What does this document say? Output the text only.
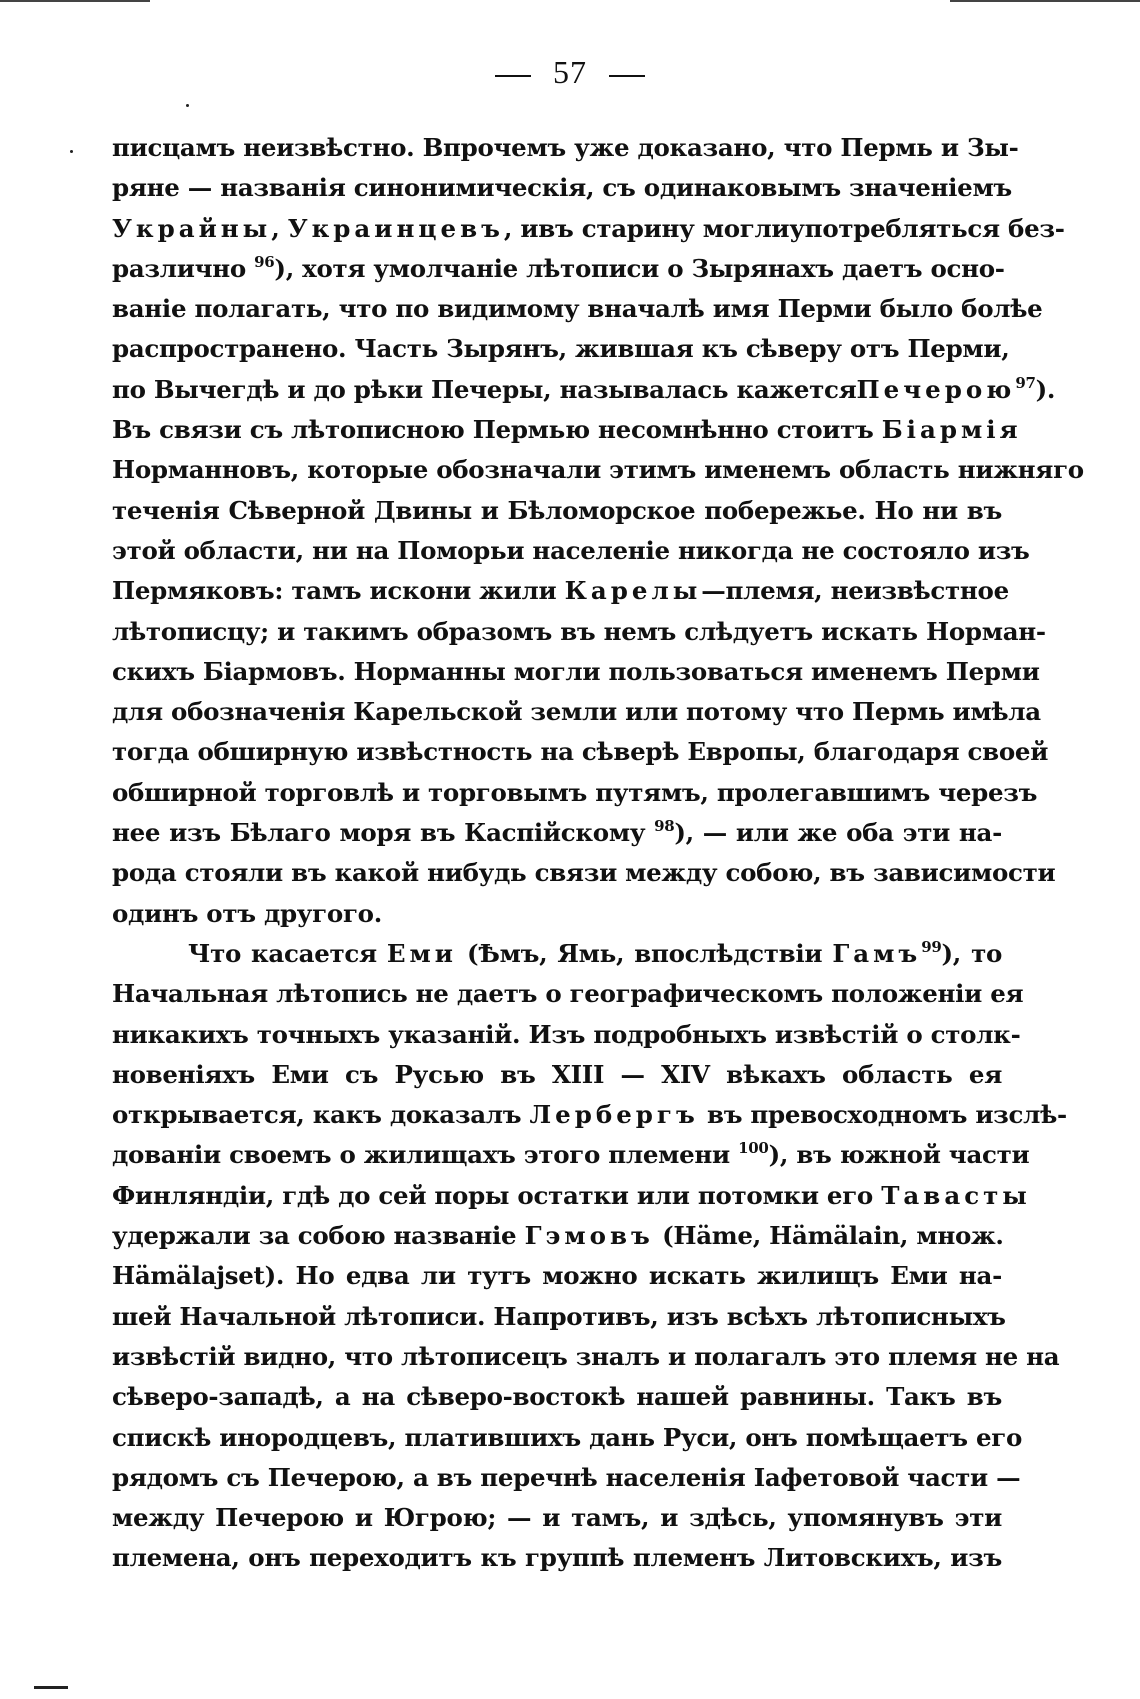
57
писцамъ неизвѣстно. Впрочемъ уже доказано, что Пермь и Зы-
ряне — названія синонимическія, съ одинаковымъ значеніемъ
Украйны, Украинцевъ, ивъ старину моглиупотребляться без-
различно $^{96}$), хотя умолчаніе лѣтописи о Зырянахъ даетъ осно-
ваніе полагать, что по видимому вначалѣ имя Перми было болѣе
распространено. Часть Зырянъ, жившая къ сѣверу отъ Перми,
по Вычегдѣ и до рѣки Печеры, называлась кажетсяПечерою$^{97}$).
Въ связи съ лѣтописною Пермью несомнѣнно стоитъ Біармія
Норманновъ, которые обозначали этимъ именемъ область нижняго
теченія Сѣверной Двины и Бѣломорское побережье. Но ни въ
этой области, ни на Поморьи населеніе никогда не состояло изъ
Пермяковъ: тамъ искони жили Карелы—племя, неизвѣстное
лѣтописцу; и такимъ образомъ въ немъ слѣдуетъ искать Норман-
скихъ Біармовъ. Норманны могли пользоваться именемъ Перми
для обозначенія Карельской земли или потому что Пермь имѣла
тогда обширную извѣстность на сѣверѣ Европы, благодаря своей
обширной торговлѣ и торговымъ путямъ, пролегавшимъ черезъ
нее изъ Бѣлаго моря въ Каспійскому $^{98}$), — или же оба эти на-
рода стояли въ какой нибудь связи между собою, въ зависимости
одинъ отъ другого.
Что касается Еми (Ѣмъ, Ямь, впослѣдствіи Гамъ$^{99}$), то
Начальная лѣтопись не даетъ о географическомъ положеніи ея
никакихъ точныхъ указаній. Изъ подробныхъ извѣстій о столк-
новеніяхъ Еми съ Русью въ XIII — XIV вѣкахъ область ея
открывается, какъ доказалъ Лербергъ въ превосходномъ изслѣ-
дованіи своемъ о жилищахъ этого племени $^{100}$), въ южной части
Финляндіи, гдѣ до сей поры остатки или потомки его Тавасты
удержали за собою названіе Гэмовъ (Häme, Hämälain, множ.
Hämälajset). Но едва ли тутъ можно искать жилищъ Еми на-
шей Начальной лѣтописи. Напротивъ, изъ всѣхъ лѣтописныхъ
извѣстій видно, что лѣтописецъ зналъ и полагалъ это племя не на
сѣверо-западѣ, а на сѣверо-востокѣ нашей равнины. Такъ въ
спискѣ инородцевъ, платившихъ дань Руси, онъ помѣщаетъ его
рядомъ съ Печерою, а въ перечнѣ населенія Іафетовой части —
между Печерою и Югрою; — и тамъ, и здѣсь, упомянувъ эти
племена, онъ переходитъ къ группѣ племенъ Литовскихъ, изъ
